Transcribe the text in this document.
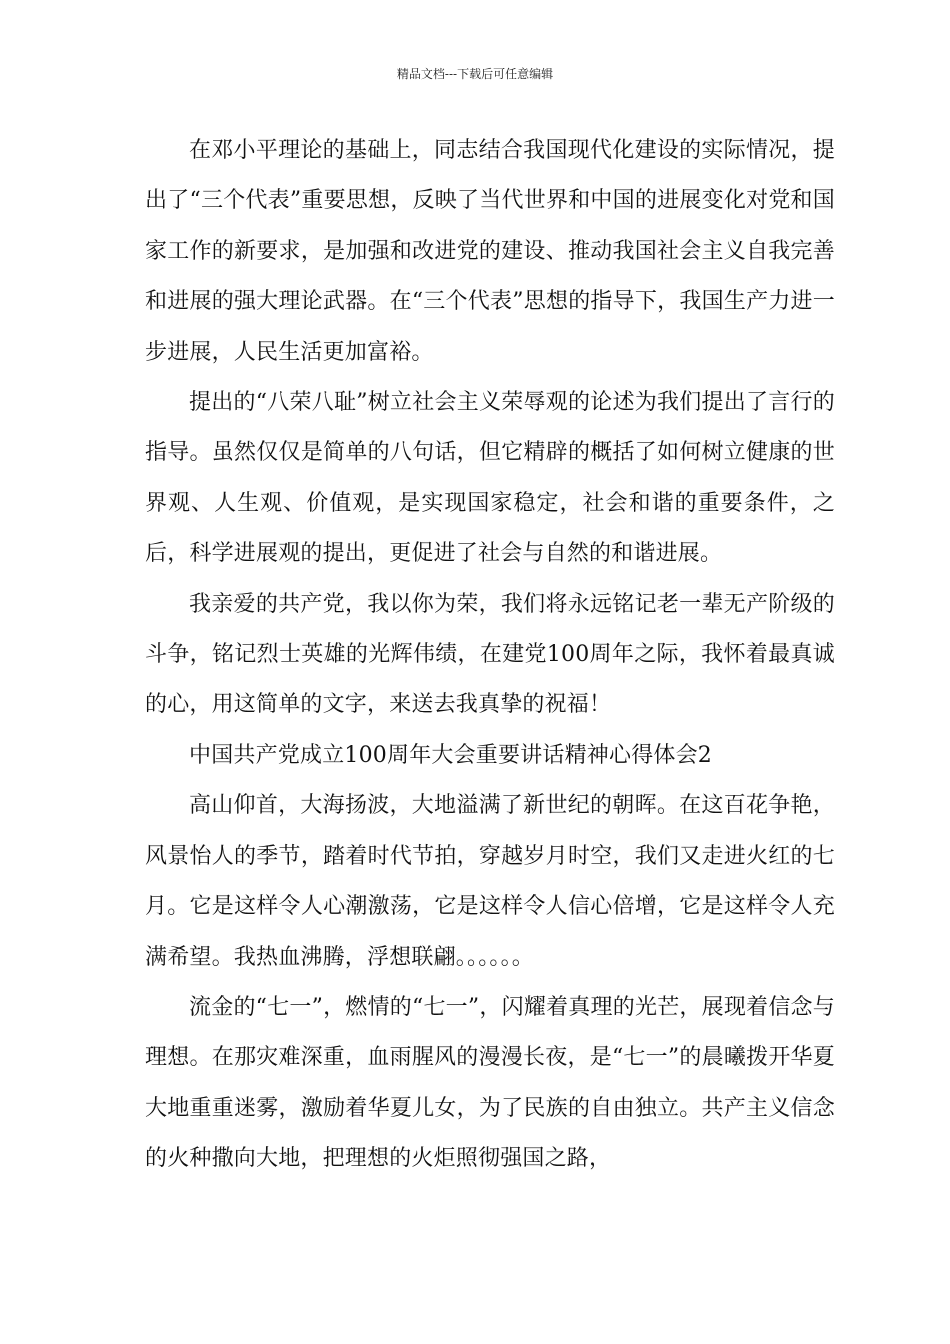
精品文档---下载后可任意编辑

在邓小平理论的基础上，同志结合我国现代化建设的实际情况，提出了“三个代表”重要思想，反映了当代世界和中国的进展变化对党和国家工作的新要求，是加强和改进党的建设、推动我国社会主义自我完善和进展的强大理论武器。在“三个代表”思想的指导下，我国生产力进一步进展，人民生活更加富裕。

提出的“八荣八耻”树立社会主义荣辱观的论述为我们提出了言行的指导。虽然仅仅是简单的八句话，但它精辟的概括了如何树立健康的世界观、人生观、价值观，是实现国家稳定，社会和谐的重要条件，之后，科学进展观的提出，更促进了社会与自然的和谐进展。

我亲爱的共产党，我以你为荣，我们将永远铭记老一辈无产阶级的斗争，铭记烈士英雄的光辉伟绩，在建党100周年之际，我怀着最真诚的心，用这简单的文字，来送去我真挚的祝福！

中国共产党成立100周年大会重要讲话精神心得体会2

高山仰首，大海扬波，大地溢满了新世纪的朝晖。在这百花争艳，风景怡人的季节，踏着时代节拍，穿越岁月时空，我们又走进火红的七月。它是这样令人心潮激荡，它是这样令人信心倍增，它是这样令人充满希望。我热血沸腾，浮想联翩。。。。。。

流金的“七一”，燃情的“七一”，闪耀着真理的光芒，展现着信念与理想。在那灾难深重，血雨腥风的漫漫长夜，是“七一”的晨曦拨开华夏大地重重迷雾，激励着华夏儿女，为了民族的自由独立。共产主义信念的火种撒向大地，把理想的火炬照彻强国之路，
